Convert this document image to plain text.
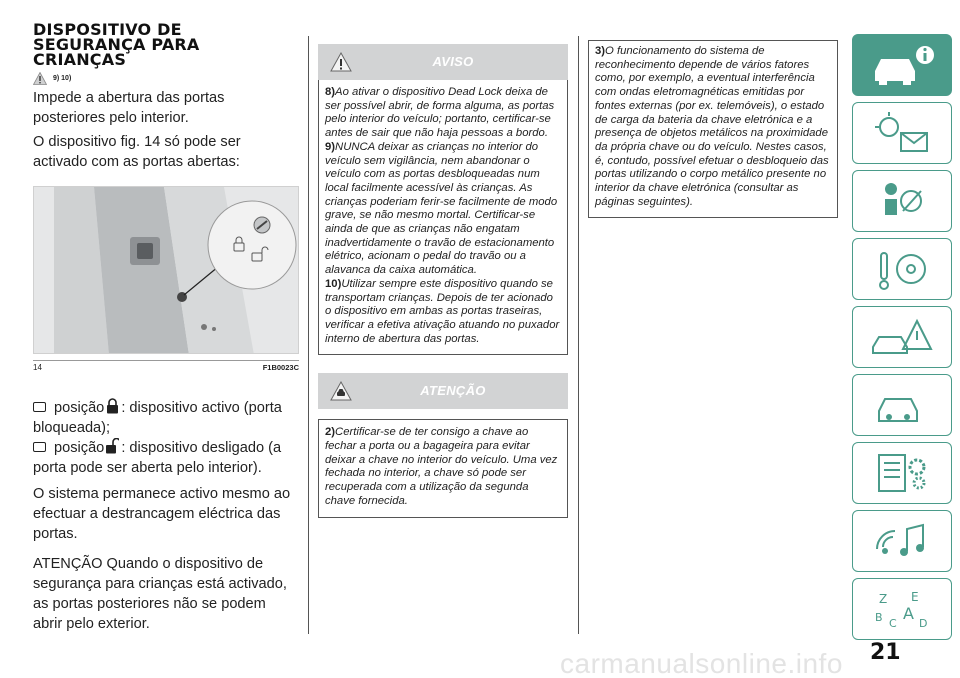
DISPOSITIVO DE
SEGURANÇA PARA
CRIANÇAS
9) 10)

Impede a abertura das portas posteriores pelo interior.

O dispositivo fig. 14 só pode ser activado com as portas abertas:

14	F1B0023C

posição : dispositivo activo (porta bloqueada);

posição : dispositivo desligado (a porta pode ser aberta pelo interior).

O sistema permanece activo mesmo ao efectuar a destrancagem eléctrica das portas.

ATENÇÃO Quando o dispositivo de segurança para crianças está activado, as portas posteriores não se podem abrir pelo exterior.

AVISO

8)Ao ativar o dispositivo Dead Lock deixa de ser possível abrir, de forma alguma, as portas pelo interior do veículo; portanto, certificar-se antes de sair que não haja pessoas a bordo.

9)NUNCA deixar as crianças no interior do veículo sem vigilância, nem abandonar o veículo com as portas desbloqueadas num local facilmente acessível às crianças. As crianças poderiam ferir-se facilmente de modo grave, se não mesmo mortal. Certificar-se ainda de que as crianças não engatam inadvertidamente o travão de estacionamento elétrico, acionam o pedal do travão ou a alavanca da caixa automática.

10)Utilizar sempre este dispositivo quando se transportam crianças. Depois de ter acionado o dispositivo em ambas as portas traseiras, verificar a efetiva ativação atuando no puxador interno de abertura das portas.

ATENÇÃO

2)Certificar-se de ter consigo a chave ao fechar a porta ou a bagageira para evitar deixar a chave no interior do veículo. Uma vez fechada no interior, a chave só pode ser recuperada com a utilização da segunda chave fornecida.

3)O funcionamento do sistema de reconhecimento depende de vários fatores como, por exemplo, a eventual interferência com ondas eletromagnéticas emitidas por fontes externas (por ex. telemóveis), o estado de carga da bateria da chave eletrónica e a presença de objetos metálicos na proximidade da própria chave ou do veículo. Nestes casos, é, contudo, possível efetuar o desbloqueio das portas utilizando o corpo metálico presente no interior da chave eletrónica (consultar as páginas seguintes).

Z E
B A
C D
carmanualsonline.info 21
